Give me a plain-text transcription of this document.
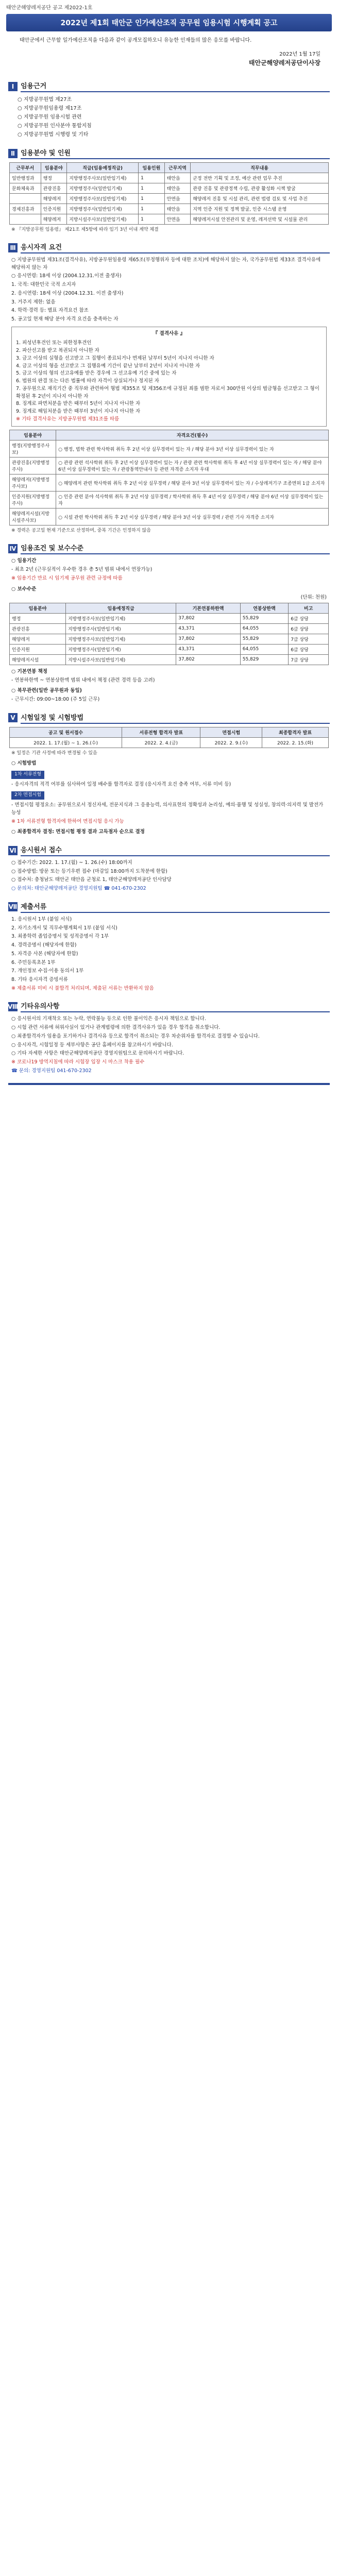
태안군해양레저공단 공고 제2022-1호
2022년 제1회 태안군 인가예산조직 공무원 임용시험 시행계획 공고
태안군에서 근무할 일가예산조직을 다음과 같이 공개모집하오니 유능한 인재들의 많은 응모를 바랍니다.
2022년 1월 17일
태안군해양레저공단이사장
Ⅰ 임용근거
○ 지방공무원법 제27조
○ 지방공무원임용령 제17조
○ 지방공무원 임용시험 관련
○ 지방공무원 인사분야 통합지침
○ 지방공무원법 시행령 및 기타
Ⅱ 임용분야 및 인원
근무부서	임용분야	직급(임용예정직급)	임용인원	근무지역	직무내용
일반행정과	행정	지방행정주사보(일반임기제)	1	태안읍	군정 전반 기획 및 조정, 예산 관련 업무 추진
문화체육과	관광진흥	지방행정주사(일반임기제)	1	태안읍	관광 진흥 및 관광정책 수립, 관광 활성화 시책 발굴
	해양레저	지방행정주사보(일반임기제)	1	안면읍	해양레저 진흥 및 시설 관리, 관련 법령 검토 및 사업 추진
경제진흥과	인증지원	지방행정주사(일반임기제)	1	태안읍	지역 인증 지원 및 정책 발굴, 인증 시스템 운영
	해양레저	지방시설주사보(일반임기제)	1	안면읍	해양레저시설 안전관리 및 운영, 레저선박 및 시설물 관리
※ 『지방공무원 임용령』 제21조 제5항에 따라 임기 3년 이내 계약 체결
Ⅲ 응시자격 요건

○ 지방공무원법 제31조(결격사유), 지방공무원임용령 제65조(부정행위자 등에 대한 조치)에 해당하지 않는 자, 국가공무원법 제33조 결격사유에 해당하지 않는 자

○ 응시연령: 18세 이상 (2004.12.31.이전 출생자)

1. 국적: 대한민국 국적 소지자

2. 응시연령: 18세 이상 (2004.12.31. 이전 출생자)

3. 거주지 제한: 없음

4. 학력·경력 등: 별표 자격요건 참조

5. 공고일 현재 해당 분야 자격 요건을 충족하는 자

『 결격사유 』
1. 피성년후견인 또는 피한정후견인
2. 파산선고를 받고 복권되지 아니한 자
3. 금고 이상의 실형을 선고받고 그 집행이 종료되거나 면제된 날부터 5년이 지나지 아니한 자
4. 금고 이상의 형을 선고받고 그 집행유예 기간이 끝난 날부터 2년이 지나지 아니한 자
5. 금고 이상의 형의 선고유예를 받은 경우에 그 선고유예 기간 중에 있는 자
6. 법원의 판결 또는 다른 법률에 따라 자격이 상실되거나 정지된 자
7. 공무원으로 재직기간 중 직무와 관련하여 형법 제355조 및 제356조에 규정된 죄를 범한 자로서 300만원 이상의 벌금형을 선고받고 그 형이 확정된 후 2년이 지나지 아니한 자
8. 징계로 파면처분을 받은 때부터 5년이 지나지 아니한 자
9. 징계로 해임처분을 받은 때부터 3년이 지나지 아니한 자
※ 기타 결격사유는 지방공무원법 제31조를 따름
임용분야	자격요건(필수)
행정(지방행정주사보)	○ 행정, 법학 관련 학사학위 취득 후 2년 이상 실무경력이 있는 자 / 해당 분야 3년 이상 실무경력이 있는 자
관광진흥(지방행정주사)	○ 관광 관련 석사학위 취득 후 2년 이상 실무경력이 있는 자 / 관광 관련 학사학위 취득 후 4년 이상 실무경력이 있는 자 / 해당 분야 6년 이상 실무경력이 있는 자 / 관광통역안내사 등 관련 자격증 소지자 우대
해양레저(지방행정주사보)	○ 해양레저 관련 학사학위 취득 후 2년 이상 실무경력 / 해당 분야 3년 이상 실무경력이 있는 자 / 수상레저기구 조종면허 1급 소지자
인증지원(지방행정주사)	○ 인증 관련 분야 석사학위 취득 후 2년 이상 실무경력 / 학사학위 취득 후 4년 이상 실무경력 / 해당 분야 6년 이상 실무경력이 있는 자
해양레저시설(지방시설주사보)	○ 시설 관련 학사학위 취득 후 2년 이상 실무경력 / 해당 분야 3년 이상 실무경력 / 관련 기사 자격증 소지자
※ 경력은 공고일 현재 기준으로 산정하며, 중복 기간은 인정하지 않음
Ⅳ 임용조건 및 보수수준

○ 임용기간

- 최초 2년 (근무실적이 우수한 경우 총 5년 범위 내에서 연장가능)

※ 임용기간 만료 시 임기제 공무원 관련 규정에 따름

○ 보수수준

(단위: 천원)

임용분야	임용예정직급	기본연봉하한액	연봉상한액	비고
행정	지방행정주사보(일반임기제)	37,802	55,829	6급 상당
관광진흥	지방행정주사(일반임기제)	43,371	64,055	6급 상당
해양레저	지방행정주사보(일반임기제)	37,802	55,829	7급 상당
인증지원	지방행정주사(일반임기제)	43,371	64,055	6급 상당
해양레저시설	지방시설주사보(일반임기제)	37,802	55,829	7급 상당

○ 기본연봉 책정

- 연봉하한액 ~ 연봉상한액 범위 내에서 책정 (관련 경력 등을 고려)

○ 복무관련(일반 공무원과 동일)

- 근무시간: 09:00~18:00 (주 5일 근무)

Ⅴ 시험일정 및 시험방법
공고 및 원서접수	서류전형 합격자 발표	면접시험	최종합격자 발표
2022. 1. 17.(월) ~ 1. 26.(수)	2022. 2. 4.(금)	2022. 2. 9.(수)	2022. 2. 15.(화)
※ 일정은 기관 사정에 따라 변경될 수 있음

○ 시험방법

1차 서류전형

- 응시자격의 적격 여부를 심사하여 일정 배수를 합격자로 결정 (응시자격 요건 충족 여부, 서류 미비 등)

2차 면접시험

- 면접시험 평정요소: 공무원으로서 정신자세, 전문지식과 그 응용능력, 의사표현의 정확성과 논리성, 예의·품행 및 성실성, 창의력·의지력 및 발전가능성

※ 1차 서류전형 합격자에 한하여 면접시험 응시 가능

○ 최종합격자 결정: 면접시험 평정 결과 고득점자 순으로 결정

Ⅵ 응시원서 접수

○ 접수기간: 2022. 1. 17.(월) ~ 1. 26.(수) 18:00까지

○ 접수방법: 방문 또는 등기우편 접수 (마감일 18:00까지 도착분에 한함)

○ 접수처: 충청남도 태안군 태안읍 군청로 1, 태안군해양레저공단 인사담당

○ 문의처: 태안군해양레저공단 경영지원팀 ☎ 041-670-2302

Ⅶ 제출서류

1. 응시원서 1부 (붙임 서식)

2. 자기소개서 및 직무수행계획서 1부 (붙임 서식)

3. 최종학력 졸업증명서 및 성적증명서 각 1부

4. 경력증명서 (해당자에 한함)

5. 자격증 사본 (해당자에 한함)

6. 주민등록초본 1부

7. 개인정보 수집·이용 동의서 1부

8. 기타 응시자격 증빙서류

※ 제출서류 미비 시 불합격 처리되며, 제출된 서류는 반환하지 않음

Ⅷ 기타유의사항

○ 응시원서의 기재착오 또는 누락, 연락불능 등으로 인한 불이익은 응시자 책임으로 합니다.

○ 시험 관련 서류에 허위사실이 있거나 관계법령에 의한 결격사유가 있을 경우 합격을 취소합니다.

○ 최종합격자가 임용을 포기하거나 결격사유 등으로 합격이 취소되는 경우 차순위자를 합격자로 결정할 수 있습니다.

○ 응시자격, 시험일정 등 세부사항은 공단 홈페이지를 참고하시기 바랍니다.

○ 기타 자세한 사항은 태안군해양레저공단 경영지원팀으로 문의하시기 바랍니다.

※ 코로나19 방역지침에 따라 시험장 입장 시 마스크 착용 필수

☎ 문의: 경영지원팀 041-670-2302
